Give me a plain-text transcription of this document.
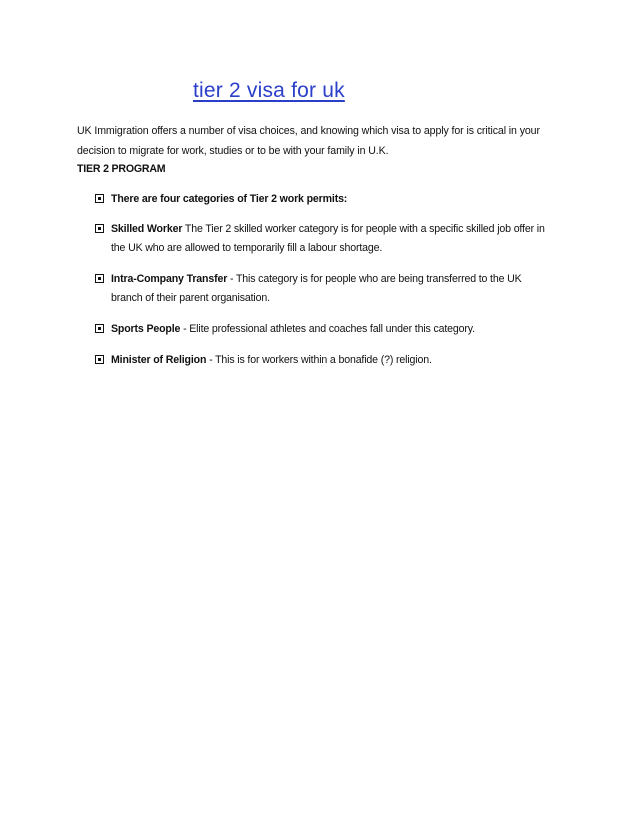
tier 2 visa for uk
UK Immigration offers a number of visa choices, and knowing which visa to apply for is critical in your decision to migrate for work, studies or to be with your family in U.K.
TIER 2 PROGRAM
There are four categories of Tier 2 work permits:
Skilled Worker The Tier 2 skilled worker category is for people with a specific skilled job offer in the UK who are allowed to temporarily fill a labour shortage.
Intra-Company Transfer - This category is for people who are being transferred to the UK branch of their parent organisation.
Sports People - Elite professional athletes and coaches fall under this category.
Minister of Religion - This is for workers within a bonafide (?) religion.
